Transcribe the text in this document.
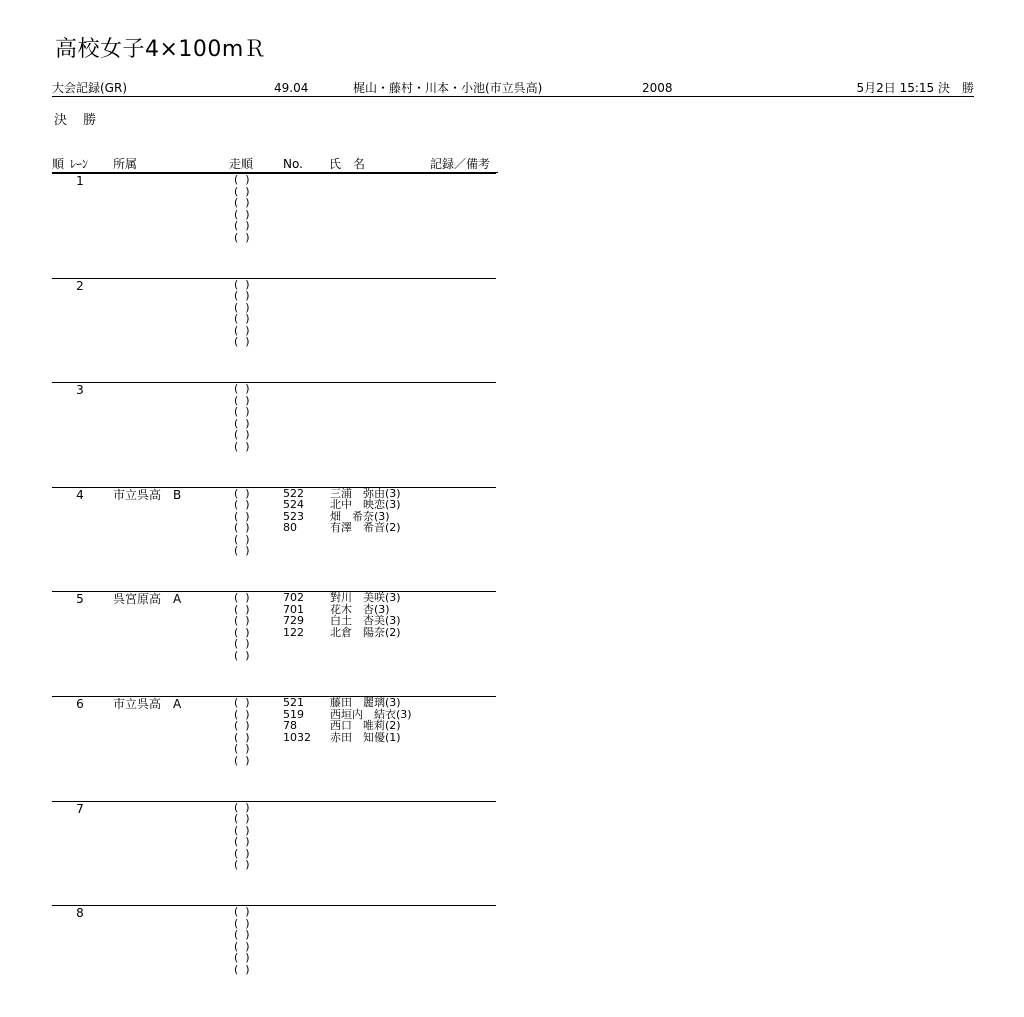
高校女子4×100mＲ
大会記録(GR)	49.04	梶山・藤村・川本・小池(市立呉高)	2008	5月2日 15:15 決　勝
決 勝
順 ﾚｰﾝ 所属	走順 No. 氏　名	記録／備考
1	(  )
(  )
(  )
(  )
(  )
(  )
2	(  )
(  )
(  )
(  )
(  )
(  )
3	(  )
(  )
(  )
(  )
(  )
(  )
4 市立呉高　B	(  )	522 三浦　弥由(3)
(  )	524 北中　映恋(3)
(  )	523 畑　希奈(3)
(  )	80	有澤　希音(2)
(  )
(  )
5 呉宮原高　A	(  )	702 對川　美咲(3)
(  )	701 花木　杏(3)
(  )	729 白土　杏美(3)
(  )	122 北倉　陽奈(2)
(  )
(  )
6 市立呉高　A	(  )	521 藤田　麗璃(3)
(  )	519 西垣内　結衣(3)
(  )	78	西口　唯莉(2)
(  )	1032 赤田　知優(1)
(  )
(  )
7	(  )
(  )
(  )
(  )
(  )
(  )
8	(  )
(  )
(  )
(  )
(  )
(  )
